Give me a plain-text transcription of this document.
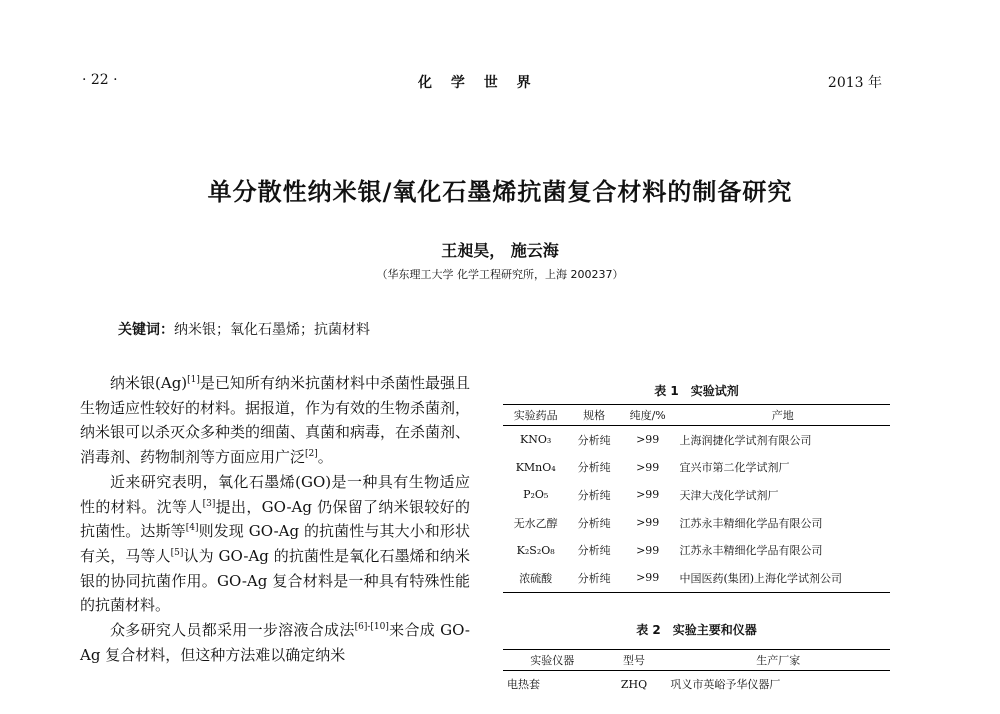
· 22 ·	化 学 世 界	2013 年
单分散性纳米银/氧化石墨烯抗菌复合材料的制备研究
王昶昊， 施云海
（华东理工大学 化学工程研究所，上海 200237）
关键词：纳米银；氧化石墨烯；抗菌材料

纳米银(Ag)[1]是已知所有纳米抗菌材料中杀菌性最强且生物适应性较好的材料。据报道，作为有效的生物杀菌剂，纳米银可以杀灭众多种类的细菌、真菌和病毒，在杀菌剂、消毒剂、药物制剂等方面应用广泛[2]。

近来研究表明，氧化石墨烯(GO)是一种具有生物适应性的材料。沈等人[3]提出，GO-Ag 仍保留了纳米银较好的抗菌性。达斯等[4]则发现 GO-Ag 的抗菌性与其大小和形状有关，马等人[5]认为 GO-Ag 的抗菌性是氧化石墨烯和纳米银的协同抗菌作用。GO-Ag 复合材料是一种具有特殊性能的抗菌材料。

众多研究人员都采用一步溶液合成法[6]-[10]来合成 GO-Ag 复合材料，但这种方法难以确定纳米

表 1　实验试剂
实验药品	规格	纯度/%	产地
KNO₃	分析纯	>99	上海润捷化学试剂有限公司
KMnO₄	分析纯	>99	宜兴市第二化学试剂厂
P₂O₅	分析纯	>99	天津大茂化学试剂厂
无水乙醇	分析纯	>99	江苏永丰精细化学品有限公司
K₂S₂O₈	分析纯	>99	江苏永丰精细化学品有限公司
浓硫酸	分析纯	>99	中国医药(集团)上海化学试剂公司
表 2　实验主要和仪器
实验仪器	型号	生产厂家
电热套	ZHQ	巩义市英峪予华仪器厂
